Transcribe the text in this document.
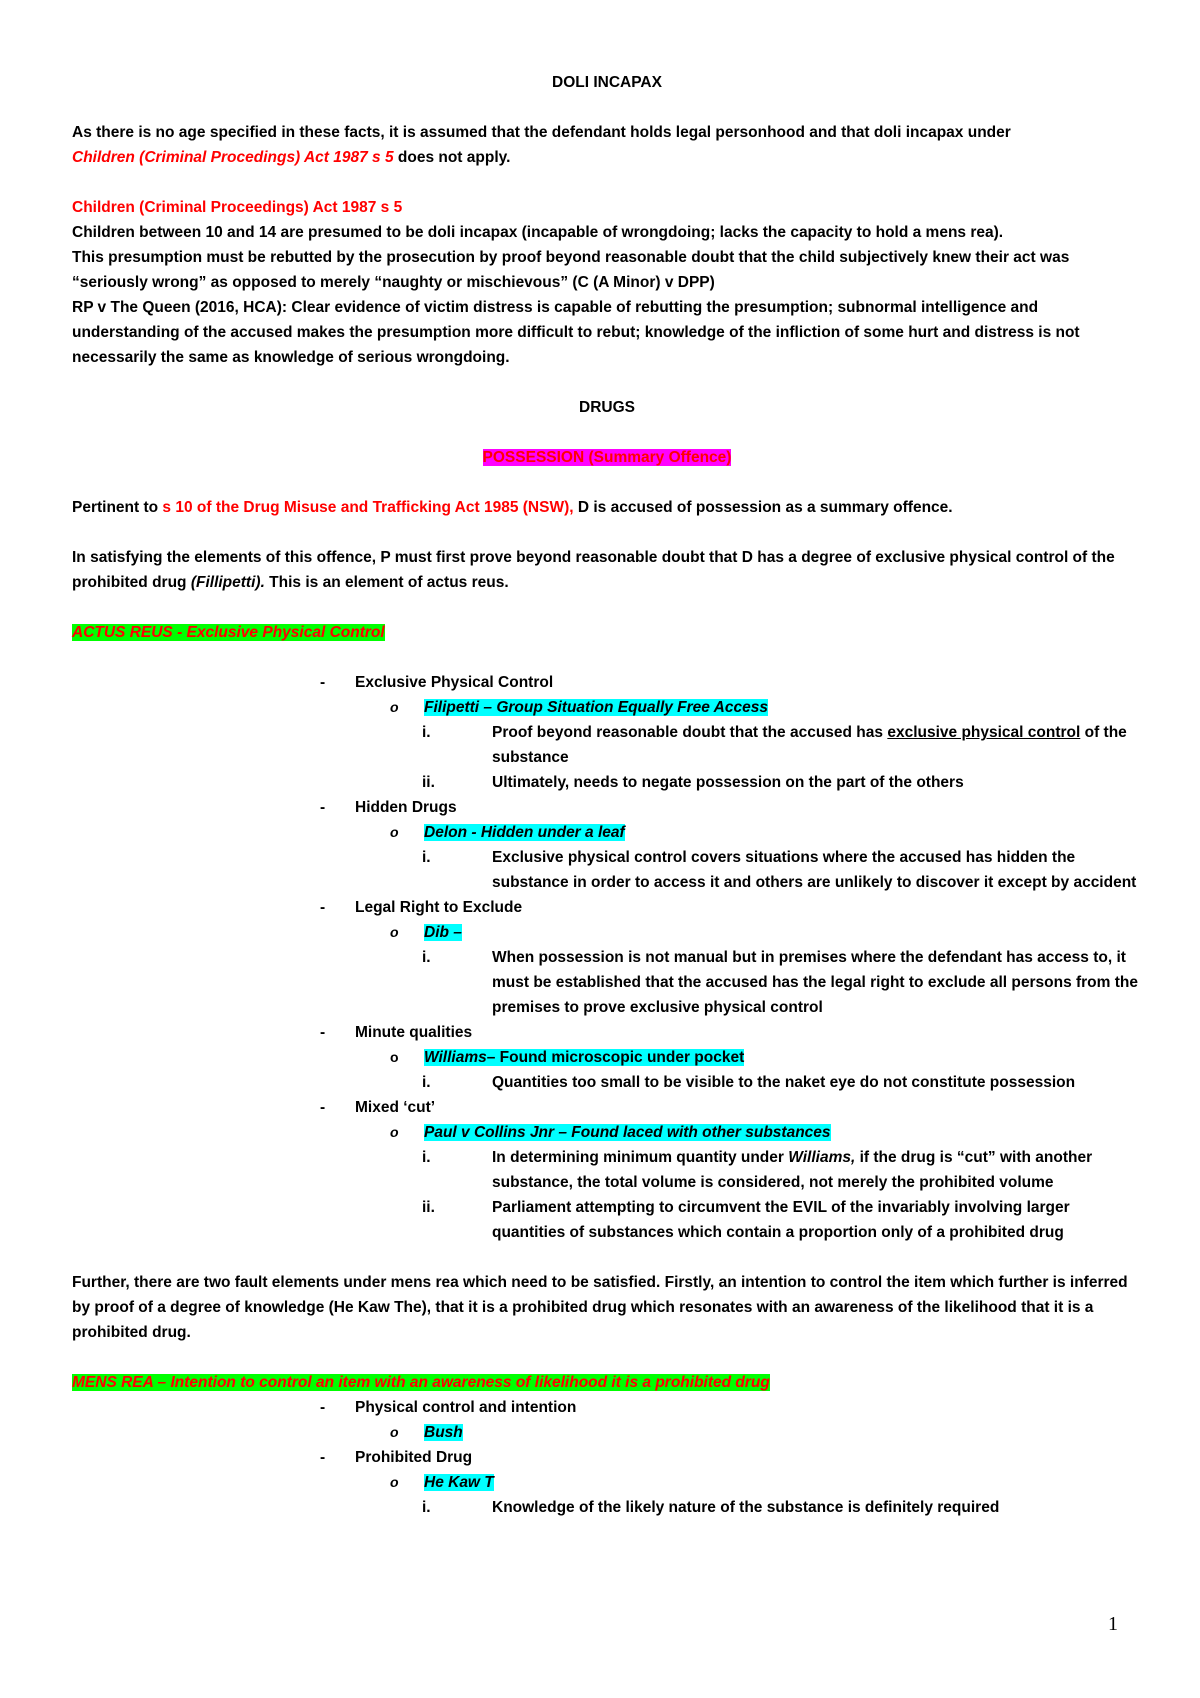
DOLI INCAPAX

As there is no age specified in these facts, it is assumed that the defendant holds legal personhood and that doli incapax under
Children (Criminal Procedings) Act 1987 s 5 does not apply.

Children (Criminal Proceedings) Act 1987 s 5

Children between 10 and 14 are presumed to be doli incapax (incapable of wrongdoing; lacks the capacity to hold a mens rea).

This presumption must be rebutted by the prosecution by proof beyond reasonable doubt that the child subjectively knew their act was “seriously wrong” as opposed to merely “naughty or mischievous” (C (A Minor) v DPP)

RP v The Queen (2016, HCA): Clear evidence of victim distress is capable of rebutting the presumption; subnormal intelligence and understanding of the accused makes the presumption more difficult to rebut; knowledge of the infliction of some hurt and distress is not necessarily the same as knowledge of serious wrongdoing.

DRUGS

POSSESSION (Summary Offence)

Pertinent to s 10 of the Drug Misuse and Trafficking Act 1985 (NSW), D is accused of possession as a summary offence.

In satisfying the elements of this offence, P must first prove beyond reasonable doubt that D has a degree of exclusive physical control of the prohibited drug (Fillipetti). This is an element of actus reus.

ACTUS REUS - Exclusive Physical Control

- Exclusive Physical Control
o Filipetti – Group Situation Equally Free Access
i.	Proof beyond reasonable doubt that the accused has exclusive physical control of the substance
ii.	Ultimately, needs to negate possession on the part of the others
- Hidden Drugs
o Delon - Hidden under a leaf
i.	Exclusive physical control covers situations where the accused has hidden the substance in order to access it and others are unlikely to discover it except by accident
- Legal Right to Exclude
o Dib –
i.	When possession is not manual but in premises where the defendant has access to, it must be established that the accused has the legal right to exclude all persons from the premises to prove exclusive physical control
- Minute qualities
o Williams– Found microscopic under pocket
i.	Quantities too small to be visible to the naket eye do not constitute possession
- Mixed ‘cut’
o Paul v Collins Jnr – Found laced with other substances
i.	In determining minimum quantity under Williams, if the drug is “cut” with another substance, the total volume is considered, not merely the prohibited volume
ii.	Parliament attempting to circumvent the EVIL of the invariably involving larger quantities of substances which contain a proportion only of a prohibited drug

Further, there are two fault elements under mens rea which need to be satisfied. Firstly, an intention to control the item which further is inferred by proof of a degree of knowledge (He Kaw The), that it is a prohibited drug which resonates with an awareness of the likelihood that it is a prohibited drug.

MENS REA – Intention to control an item with an awareness of likelihood it is a prohibited drug

- Physical control and intention
o Bush
- Prohibited Drug
o He Kaw T
i.	Knowledge of the likely nature of the substance is definitely required
1
